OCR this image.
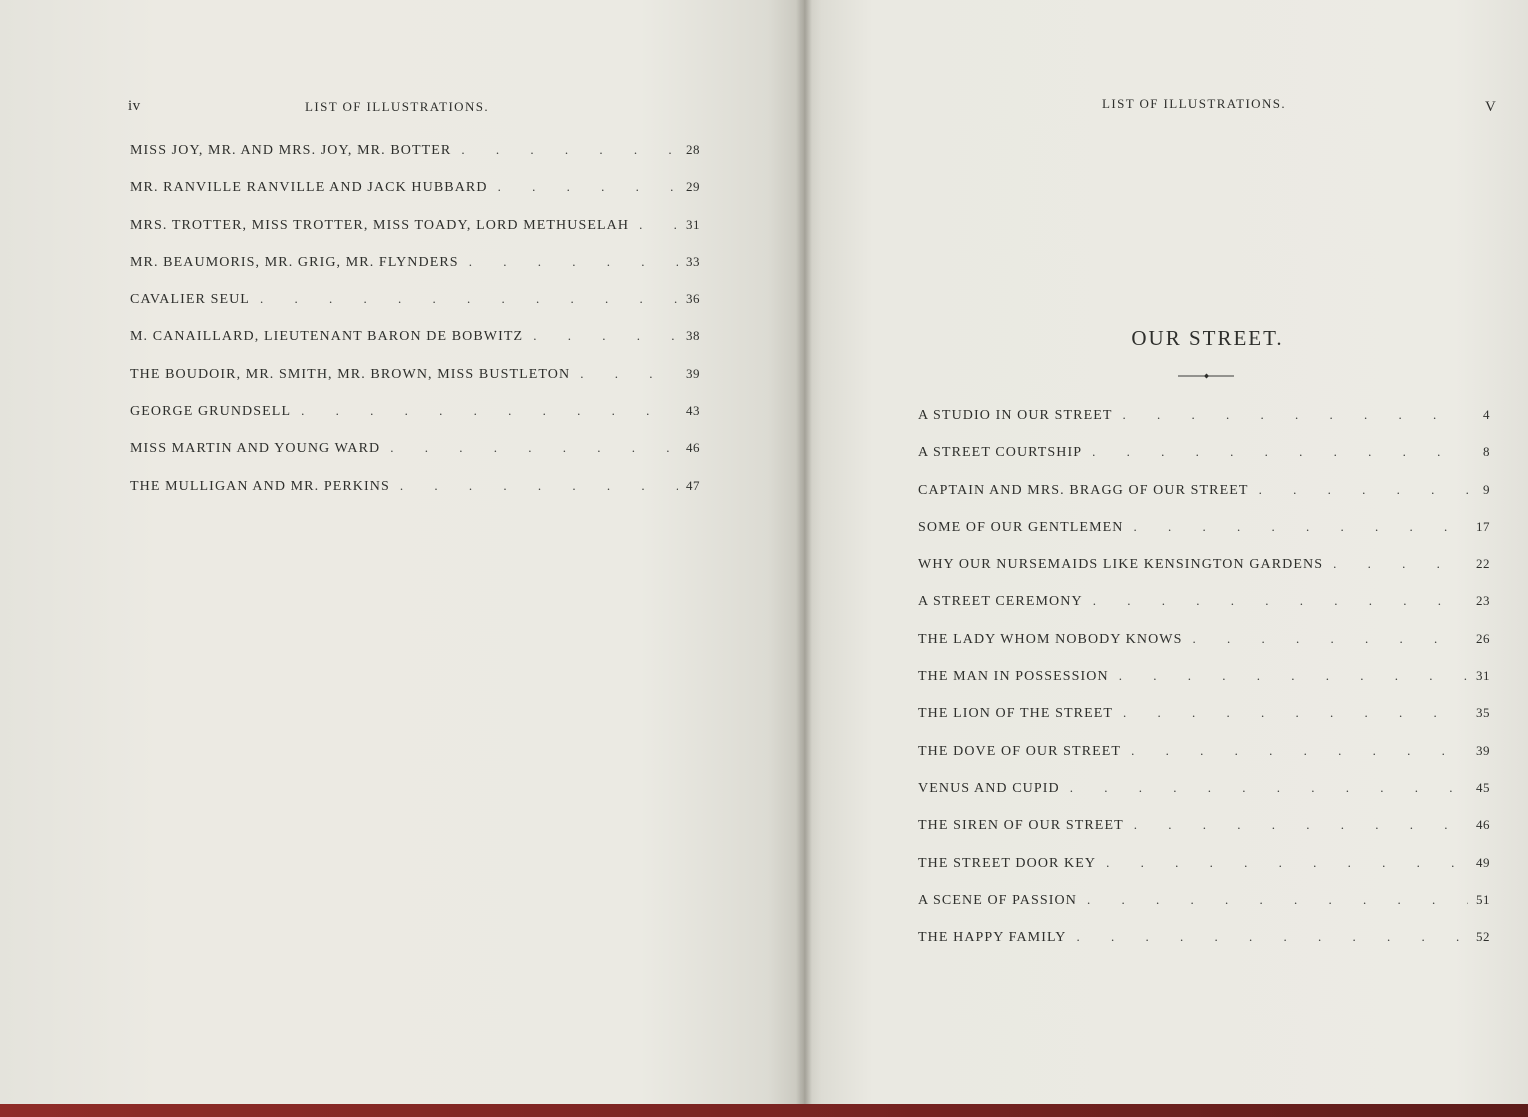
iv	LIST OF ILLUSTRATIONS.
MISS JOY, MR. AND MRS. JOY, MR. BOTTER . . .	28
MR. RANVILLE RANVILLE AND JACK HUBBARD . . .	29
MRS. TROTTER, MISS TROTTER, MISS TOADY, LORD METHUSELAH . . .	31
MR. BEAUMORIS, MR. GRIG, MR. FLYNDERS . . .	33
CAVALIER SEUL . . .	36
M. CANAILLARD, LIEUTENANT BARON DE BOBWITZ . . .	38
THE BOUDOIR, MR. SMITH, MR. BROWN, MISS BUSTLETON . . .	39
GEORGE GRUNDSELL . . .	43
MISS MARTIN AND YOUNG WARD . . .	46
THE MULLIGAN AND MR. PERKINS . . .	47
LIST OF ILLUSTRATIONS.	V
OUR STREET.
A STUDIO IN OUR STREET . . .	4
A STREET COURTSHIP . . .	8
CAPTAIN AND MRS. BRAGG OF OUR STREET . . .	9
SOME OF OUR GENTLEMEN . . .	17
WHY OUR NURSEMAIDS LIKE KENSINGTON GARDENS . . .	22
A STREET CEREMONY . . .	23
THE LADY WHOM NOBODY KNOWS . . .	26
THE MAN IN POSSESSION . . .	31
THE LION OF THE STREET . . .	35
THE DOVE OF OUR STREET . . .	39
VENUS AND CUPID . . .	45
THE SIREN OF OUR STREET . . .	46
THE STREET DOOR KEY . . .	49
A SCENE OF PASSION . . .	51
THE HAPPY FAMILY . . .	52
